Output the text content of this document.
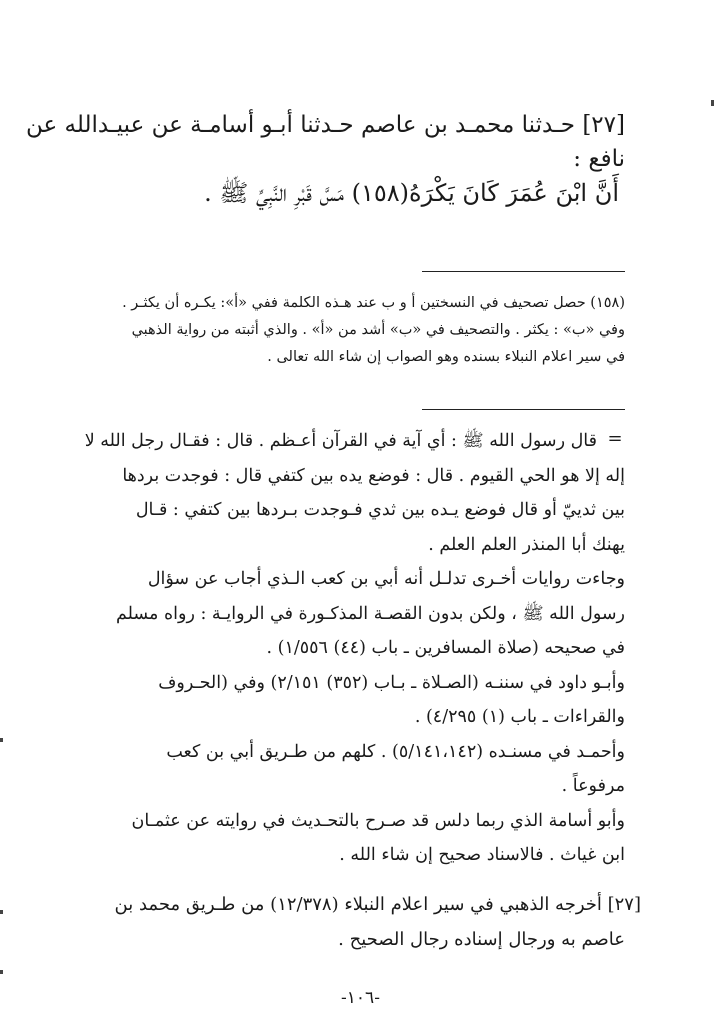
[٢٧] حـدثنا محمـد بن عاصم حـدثنا أبـو أسامـة عن عبيـدالله عن
نافع :
أَنَّ ابْنَ عُمَرَ كَانَ يَكْرَهُ(١٥٨) مَسَّ قَبْرِ النَّبِيِّ ﷺ .
(١٥٨) حصل تصحيف في النسختين أ و ب عند هـذه الكلمة ففي «أ»: يكـره أن يكثـر .
وفي «ب» : يكثر . والتصحيف في «ب» أشد من «أ» . والذي أثبته من رواية الذهبي
في سير اعلام النبلاء بسنده وهو الصواب إن شاء الله تعالى .
=
قال رسول الله ﷺ : أي آية في القرآن أعـظم . قال : فقـال رجل الله لا
إله إلا هو الحي القيوم . قال : فوضع يده بين كتفي قال : فوجدت بردها
بين ثدييّ أو قال فوضع يـده بين ثدي فـوجدت بـردها بين كتفي : قـال
يهنك أبا المنذر العلم العلم .
وجاءت روايات أخـرى تدلـل أنه أبي بن كعب الـذي أجاب عن سؤال
رسول الله ﷺ ، ولكن بدون القصـة المذكـورة في الروايـة : رواه مسلم
في صحيحه (صلاة المسافرين ـ باب (٤٤) ١/٥٥٦) .
وأبـو داود في سننـه (الصـلاة ـ بـاب (٣٥٢) ٢/١٥١) وفي (الحـروف
والقراءات ـ باب (١) ٤/٢٩٥) .
وأحمـد في مسنـده (٥/١٤١،١٤٢) . كلهم من طـريق أبي بن كعب
مرفوعاً .
وأبو أسامة الذي ربما دلس قد صـرح بالتحـديث في روايته عن عثمـان
ابن غياث . فالاسناد صحيح إن شاء الله .
[٢٧] أخرجه الذهبي في سير اعلام النبلاء (١٢/٣٧٨) من طـريق محمد بن
عاصم به ورجال إسناده رجال الصحيح .
-١٠٦-
